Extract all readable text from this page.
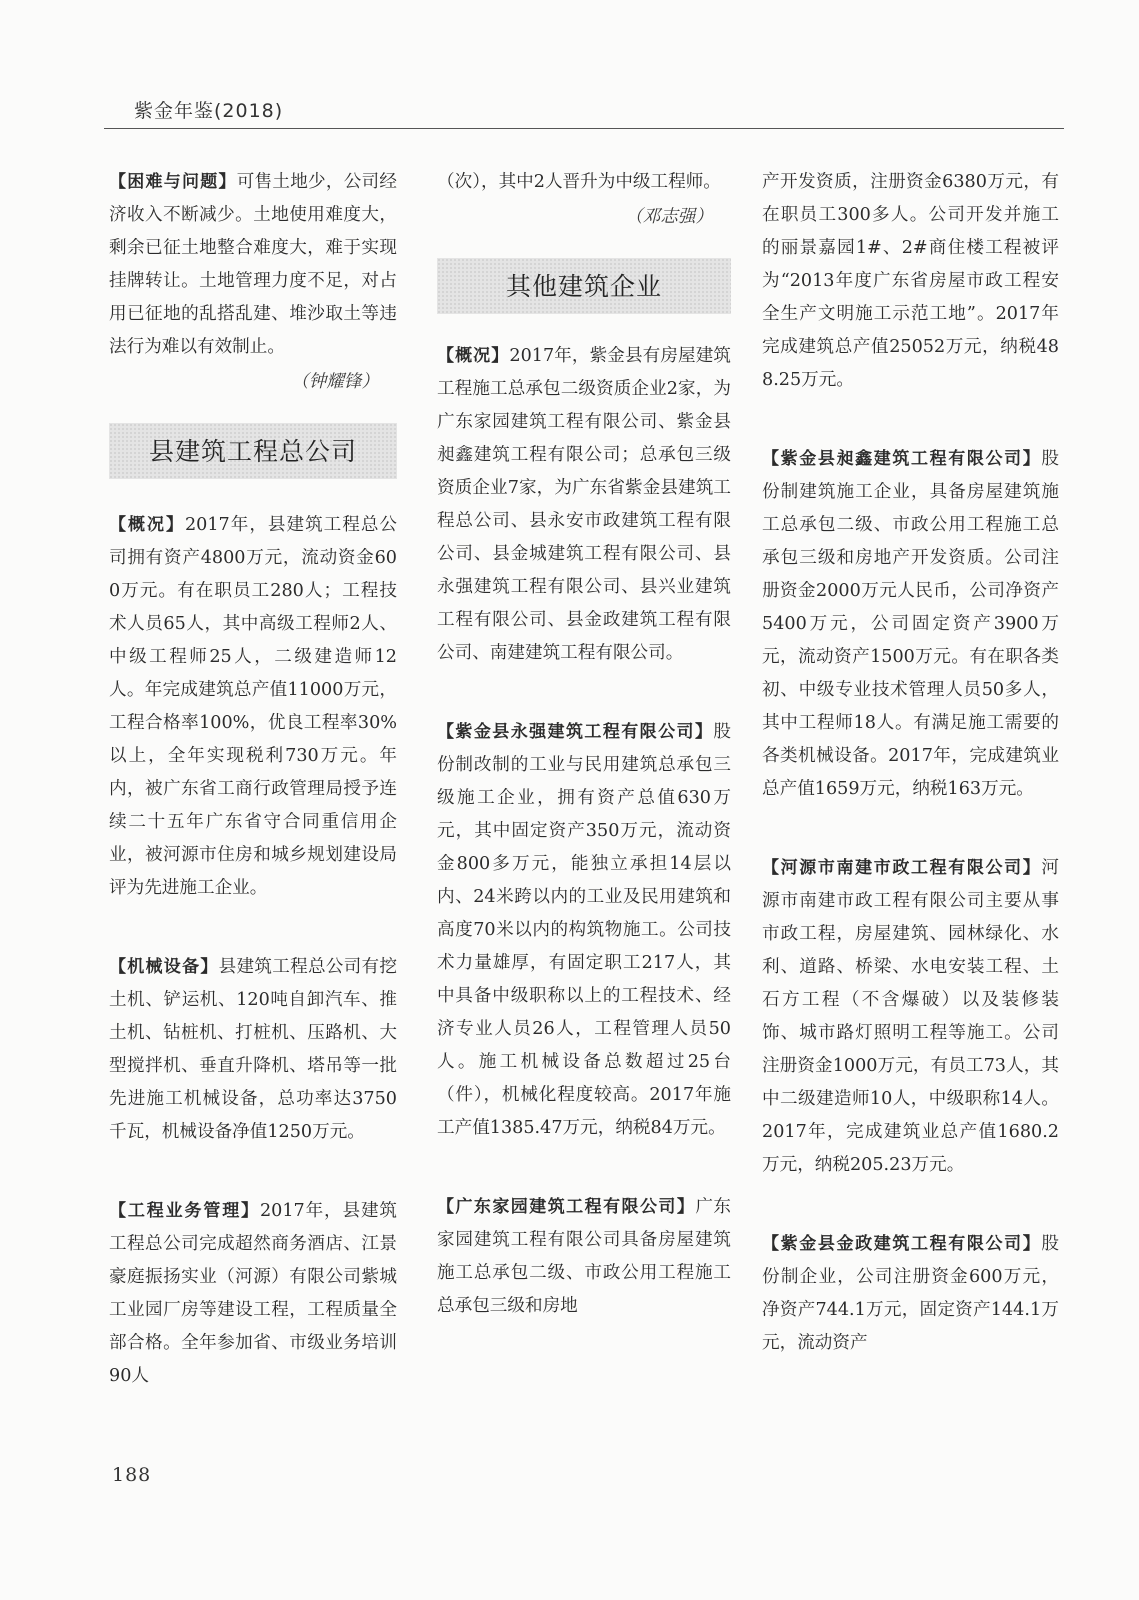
紫金年鉴(2018)

【困难与问题】可售土地少，公司经济收入不断减少。土地使用难度大，剩余已征土地整合难度大，难于实现挂牌转让。土地管理力度不足，对占用已征地的乱搭乱建、堆沙取土等违法行为难以有效制止。

（钟耀锋）
县建筑工程总公司

【概况】2017年，县建筑工程总公司拥有资产4800万元，流动资金600万元。有在职员工280人；工程技术人员65人，其中高级工程师2人、中级工程师25人，二级建造师12人。年完成建筑总产值11000万元，工程合格率100%，优良工程率30%以上，全年实现税利730万元。年内，被广东省工商行政管理局授予连续二十五年广东省守合同重信用企业，被河源市住房和城乡规划建设局评为先进施工企业。

【机械设备】县建筑工程总公司有挖土机、铲运机、120吨自卸汽车、推土机、钻桩机、打桩机、压路机、大型搅拌机、垂直升降机、塔吊等一批先进施工机械设备，总功率达3750千瓦，机械设备净值1250万元。

【工程业务管理】2017年，县建筑工程总公司完成超然商务酒店、江景豪庭振扬实业（河源）有限公司紫城工业园厂房等建设工程，工程质量全部合格。全年参加省、市级业务培训90人

（次），其中2人晋升为中级工程师。

（邓志强）
其他建筑企业

【概况】2017年，紫金县有房屋建筑工程施工总承包二级资质企业2家，为广东家园建筑工程有限公司、紫金县昶鑫建筑工程有限公司；总承包三级资质企业7家，为广东省紫金县建筑工程总公司、县永安市政建筑工程有限公司、县金城建筑工程有限公司、县永强建筑工程有限公司、县兴业建筑工程有限公司、县金政建筑工程有限公司、南建建筑工程有限公司。

【紫金县永强建筑工程有限公司】股份制改制的工业与民用建筑总承包三级施工企业，拥有资产总值630万元，其中固定资产350万元，流动资金800多万元，能独立承担14层以内、24米跨以内的工业及民用建筑和高度70米以内的构筑物施工。公司技术力量雄厚，有固定职工217人，其中具备中级职称以上的工程技术、经济专业人员26人，工程管理人员50人。施工机械设备总数超过25台（件），机械化程度较高。2017年施工产值1385.47万元，纳税84万元。

【广东家园建筑工程有限公司】广东家园建筑工程有限公司具备房屋建筑施工总承包二级、市政公用工程施工总承包三级和房地

产开发资质，注册资金6380万元，有在职员工300多人。公司开发并施工的丽景嘉园1#、2#商住楼工程被评为“2013年度广东省房屋市政工程安全生产文明施工示范工地”。2017年完成建筑总产值25052万元，纳税488.25万元。

【紫金县昶鑫建筑工程有限公司】股份制建筑施工企业，具备房屋建筑施工总承包二级、市政公用工程施工总承包三级和房地产开发资质。公司注册资金2000万元人民币，公司净资产5400万元，公司固定资产3900万元，流动资产1500万元。有在职各类初、中级专业技术管理人员50多人，其中工程师18人。有满足施工需要的各类机械设备。2017年，完成建筑业总产值1659万元，纳税163万元。

【河源市南建市政工程有限公司】河源市南建市政工程有限公司主要从事市政工程，房屋建筑、园林绿化、水利、道路、桥梁、水电安装工程、土石方工程（不含爆破）以及装修装饰、城市路灯照明工程等施工。公司注册资金1000万元，有员工73人，其中二级建造师10人，中级职称14人。2017年，完成建筑业总产值1680.2万元，纳税205.23万元。

【紫金县金政建筑工程有限公司】股份制企业，公司注册资金600万元，净资产744.1万元，固定资产144.1万元，流动资产

188
